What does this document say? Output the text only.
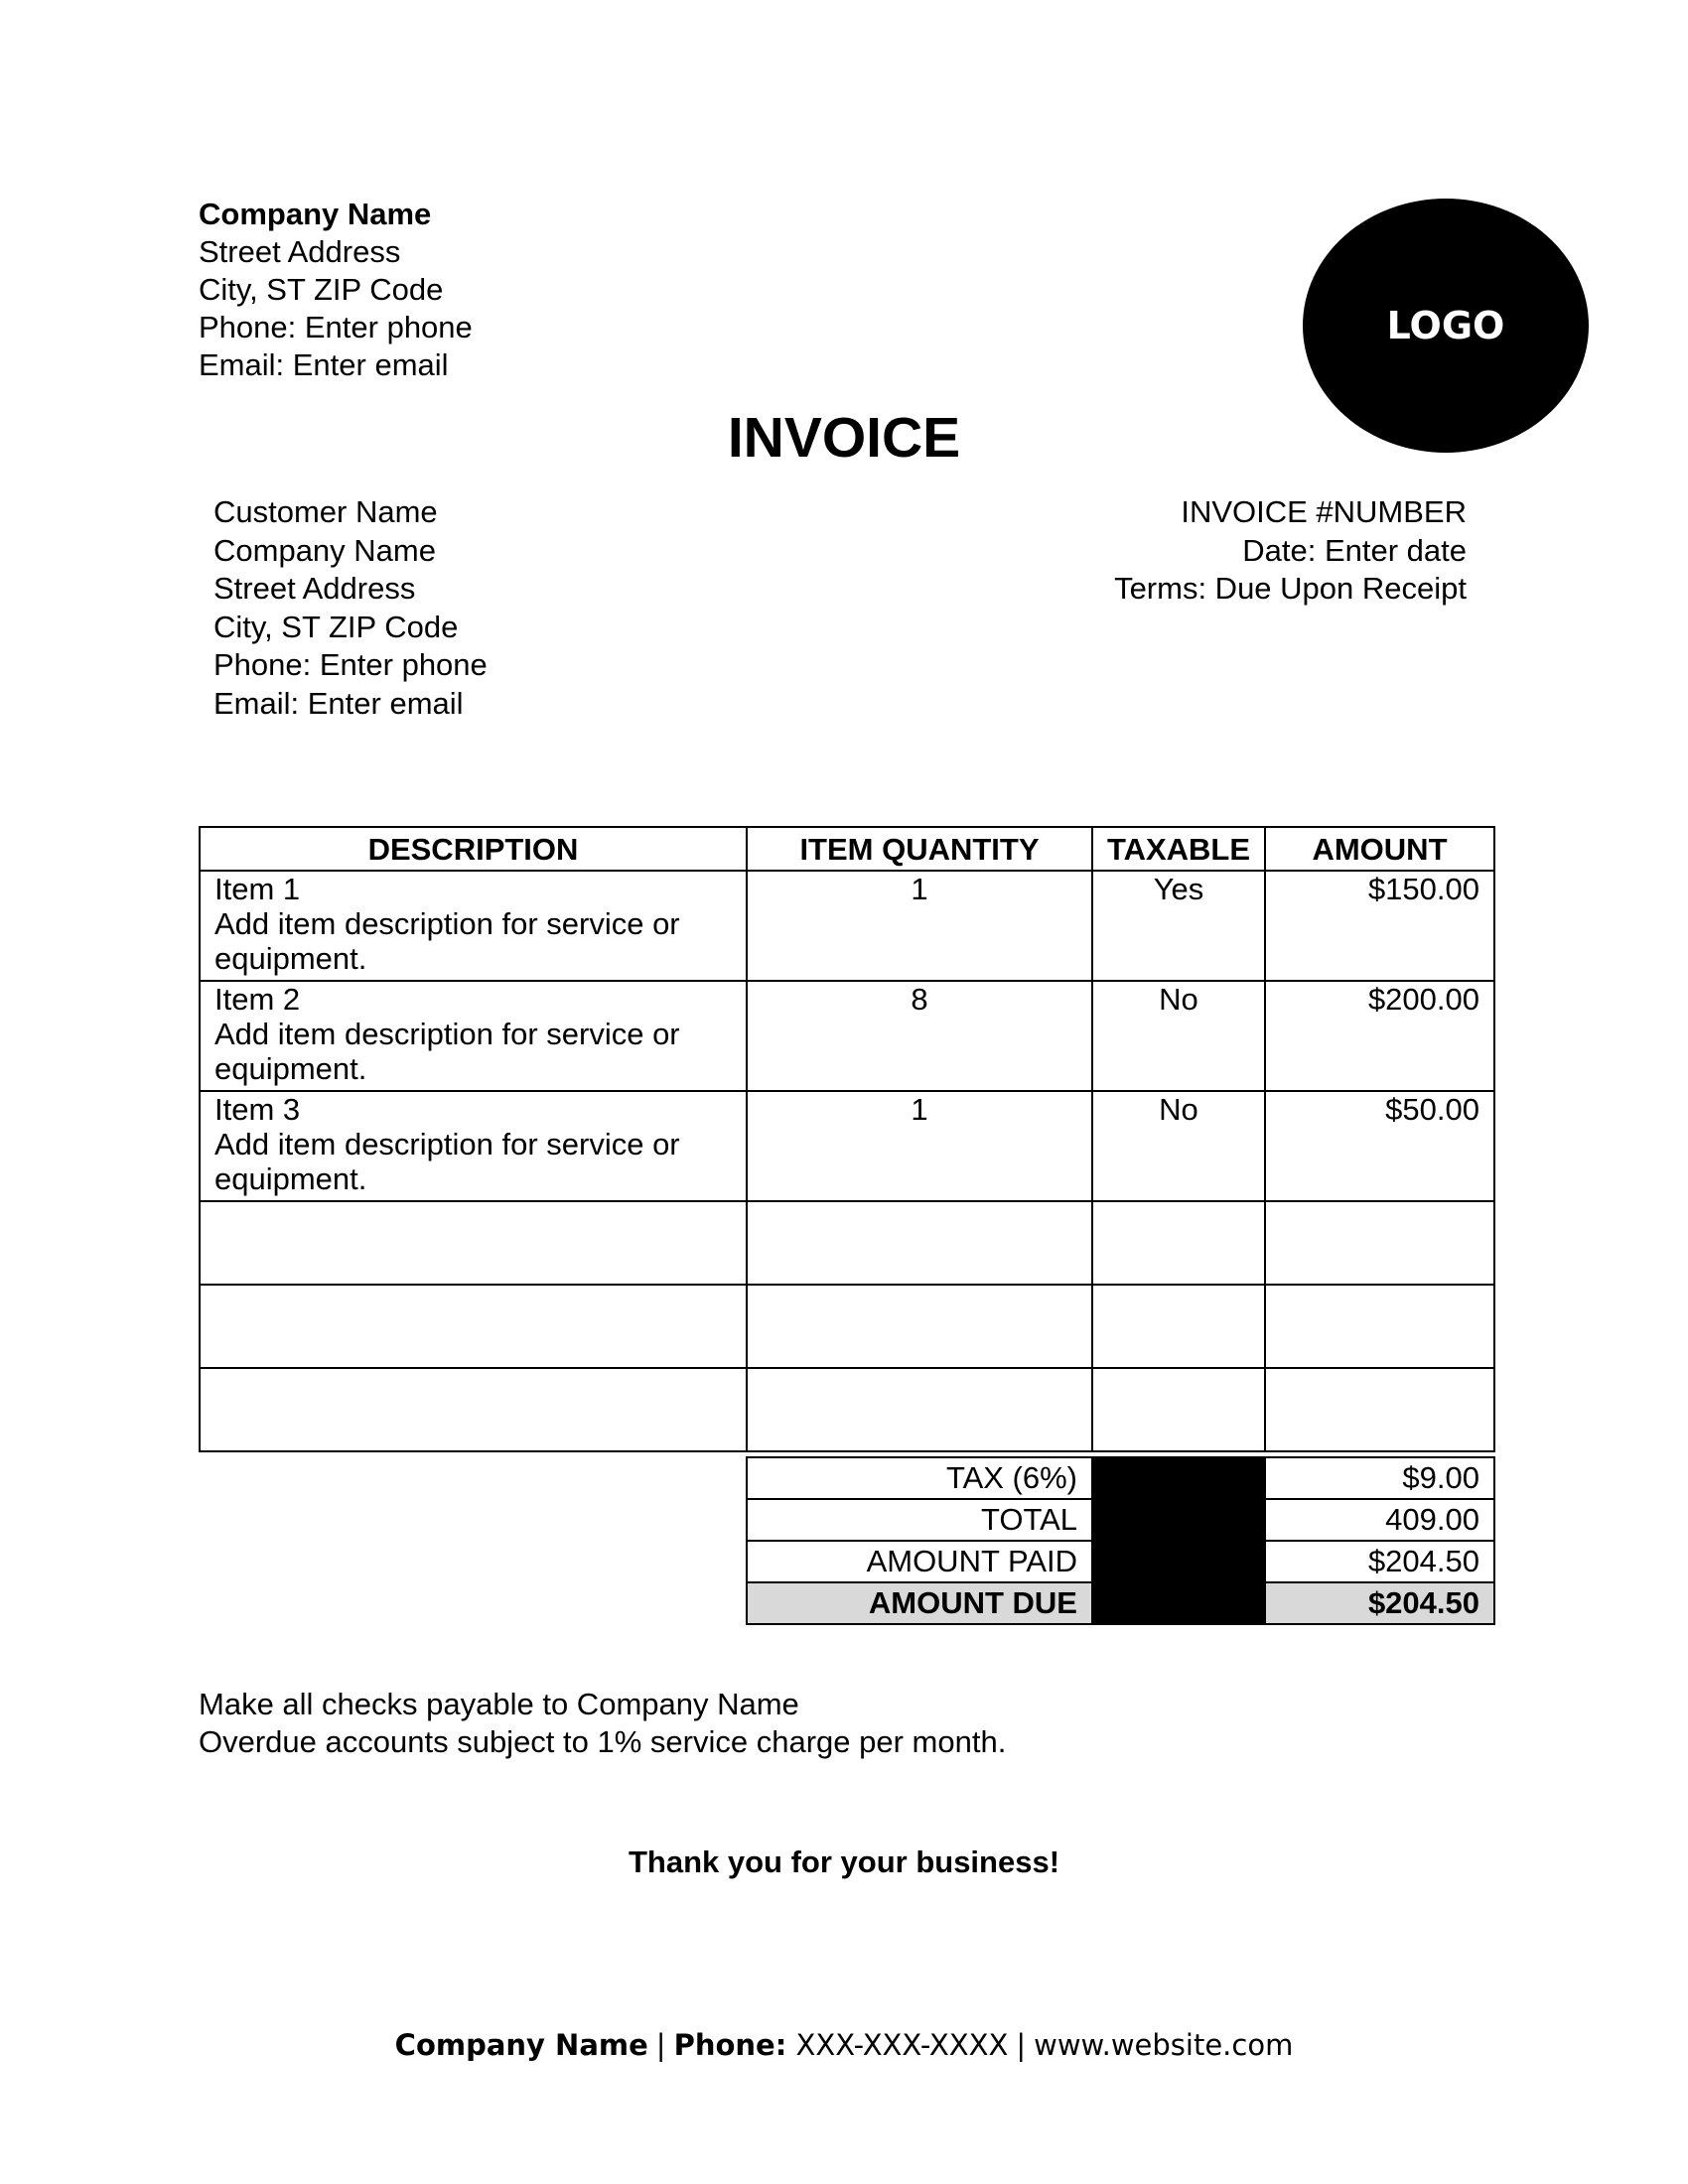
Company Name
Street Address
City, ST ZIP Code
Phone: Enter phone
Email: Enter email
LOGO
INVOICE
Customer Name
Company Name
Street Address
City, ST ZIP Code
Phone: Enter phone
Email: Enter email
INVOICE #NUMBER
Date: Enter date
Terms: Due Upon Receipt
DESCRIPTION	ITEM QUANTITY	TAXABLE	AMOUNT

Item 1
Add item description for service or equipment.	1	Yes	$150.00

Item 2
Add item description for service or equipment.	8	No	$200.00

Item 3
Add item description for service or equipment.	1	No	$50.00

TAX (6%)		$9.00
TOTAL		409.00
AMOUNT PAID		$204.50
AMOUNT DUE		$204.50
Make all checks payable to Company Name
Overdue accounts subject to 1% service charge per month.
Thank you for your business!
Company Name | Phone: XXX-XXX-XXXX | www.website.com
